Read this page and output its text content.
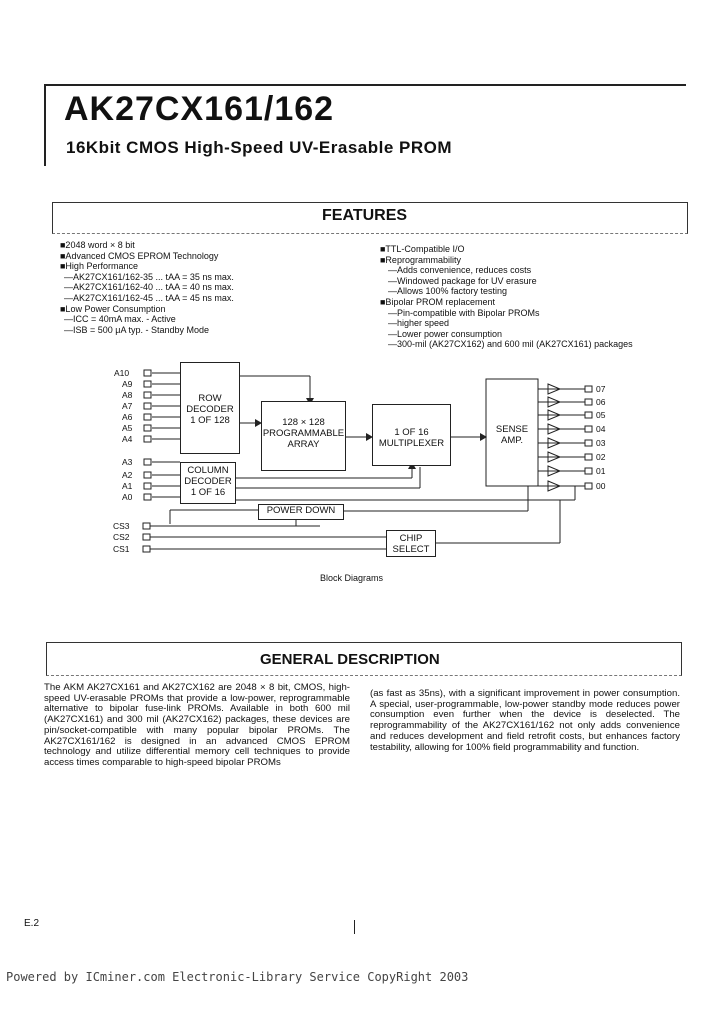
AK27CX161/162
16Kbit CMOS High-Speed UV-Erasable PROM
FEATURES
■2048 word × 8 bit
■Advanced CMOS EPROM Technology
■High Performance
—AK27CX161/162-35 ... tAA = 35 ns max.
—AK27CX161/162-40 ... tAA = 40 ns max.
—AK27CX161/162-45 ... tAA = 45 ns max.
■Low Power Consumption
—ICC = 40mA max. - Active
—ISB = 500 μA typ. - Standby Mode
■TTL-Compatible I/O
■Reprogrammability
—Adds convenience, reduces costs
—Windowed package for UV erasure
—Allows 100% factory testing
■Bipolar PROM replacement
—Pin-compatible with Bipolar PROMs
—higher speed
—Lower power consumption
—300-mil (AK27CX162) and 600 mil (AK27CX161) packages
A10
A9
A8
A7
A6
A5
A4
A3
A2
A1
A0
CS3
CS2
CS1
07
06
05
04
03
02
01
00
ROW
DECODER
1 OF 128	128 × 128
PROGRAMMABLE
ARRAY
1 OF 16
MULTIPLEXER
SENSE
AMP.
COLUMN
DECODER
1 OF 16
POWER DOWN
CHIP
SELECT
Block Diagrams
GENERAL DESCRIPTION

The AKM AK27CX161 and AK27CX162 are 2048 × 8 bit, CMOS, high-speed UV-erasable PROMs that provide a low-power, reprogrammable alternative to bipolar fuse-link PROMs. Available in both 600 mil (AK27CX161) and 300 mil (AK27CX162) packages, these devices are pin/socket-compatible with many popular bipolar PROMs. The AK27CX161/162 is designed in an advanced CMOS EPROM technology and utilize differential memory cell techniques to provide access times comparable to high-speed bipolar PROMs

(as fast as 35ns), with a significant improvement in power consumption. A special, user-programmable, low-power standby mode reduces power consumption even further when the device is deselected. The reprogrammability of the AK27CX161/162 not only adds convenience and reduces development and field retrofit costs, but enhances factory testability, allowing for 100% field programmability and function.

E.2
Powered by ICminer.com Electronic-Library Service CopyRight 2003
